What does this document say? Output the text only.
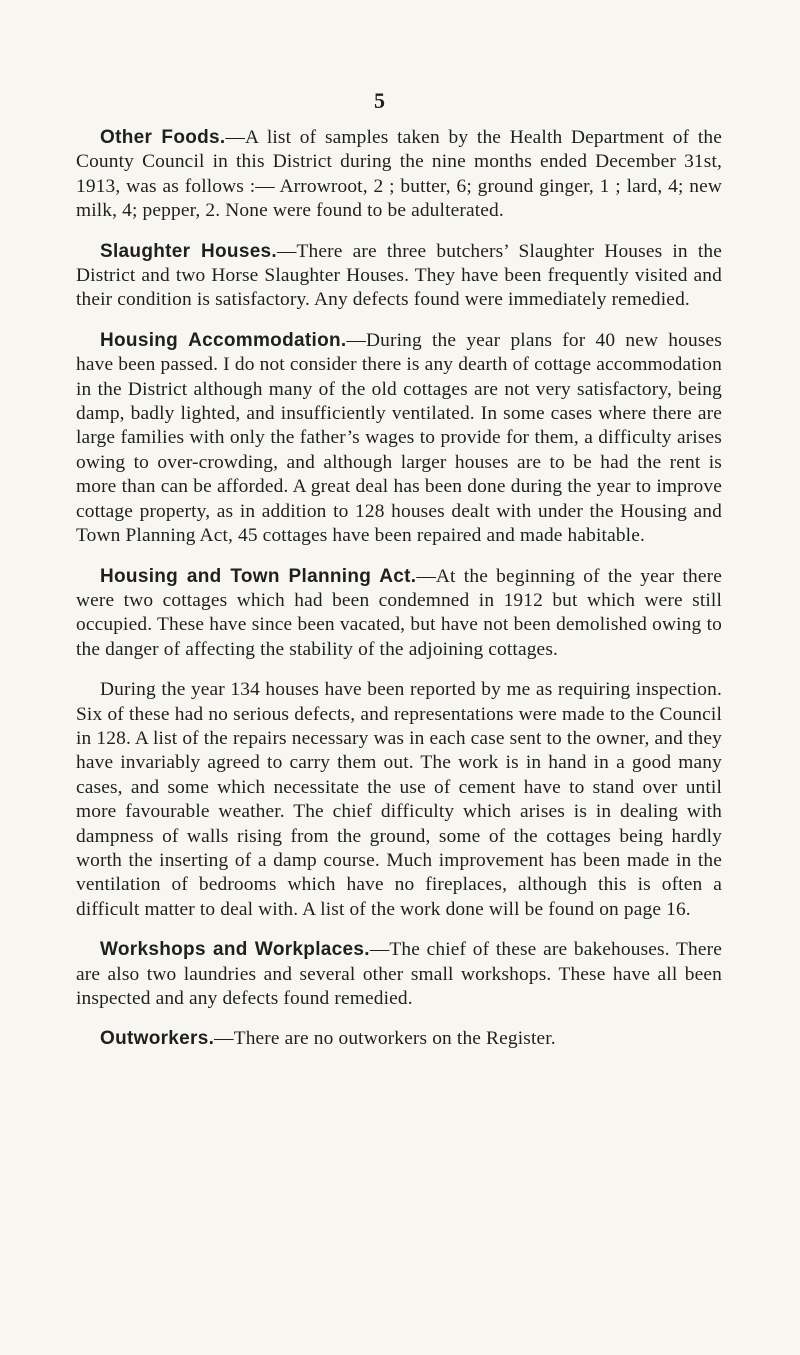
5

Other Foods.—A list of samples taken by the Health Department of the County Council in this District during the nine months ended December 31st, 1913, was as follows :— Arrowroot, 2 ; butter, 6; ground ginger, 1 ; lard, 4; new milk, 4; pepper, 2. None were found to be adulterated.

Slaughter Houses.—There are three butchers’ Slaughter Houses in the District and two Horse Slaughter Houses. They have been frequently visited and their condition is satisfactory. Any defects found were immediately remedied.

Housing Accommodation.—During the year plans for 40 new houses have been passed. I do not consider there is any dearth of cottage accommodation in the District although many of the old cottages are not very satisfactory, being damp, badly lighted, and insufficiently ventilated. In some cases where there are large families with only the father’s wages to provide for them, a difficulty arises owing to over-crowding, and although larger houses are to be had the rent is more than can be afforded. A great deal has been done during the year to improve cottage property, as in addition to 128 houses dealt with under the Housing and Town Planning Act, 45 cottages have been repaired and made habitable.

Housing and Town Planning Act.—At the beginning of the year there were two cottages which had been condemned in 1912 but which were still occupied. These have since been vacated, but have not been demolished owing to the danger of affecting the stability of the adjoining cottages.

During the year 134 houses have been reported by me as requiring inspection. Six of these had no serious defects, and representations were made to the Council in 128. A list of the repairs necessary was in each case sent to the owner, and they have invariably agreed to carry them out. The work is in hand in a good many cases, and some which necessitate the use of cement have to stand over until more favourable weather. The chief difficulty which arises is in dealing with dampness of walls rising from the ground, some of the cottages being hardly worth the inserting of a damp course. Much improvement has been made in the ventilation of bedrooms which have no fireplaces, although this is often a difficult matter to deal with. A list of the work done will be found on page 16.

Workshops and Workplaces.—The chief of these are bakehouses. There are also two laundries and several other small workshops. These have all been inspected and any defects found remedied.

Outworkers.—There are no outworkers on the Register.
